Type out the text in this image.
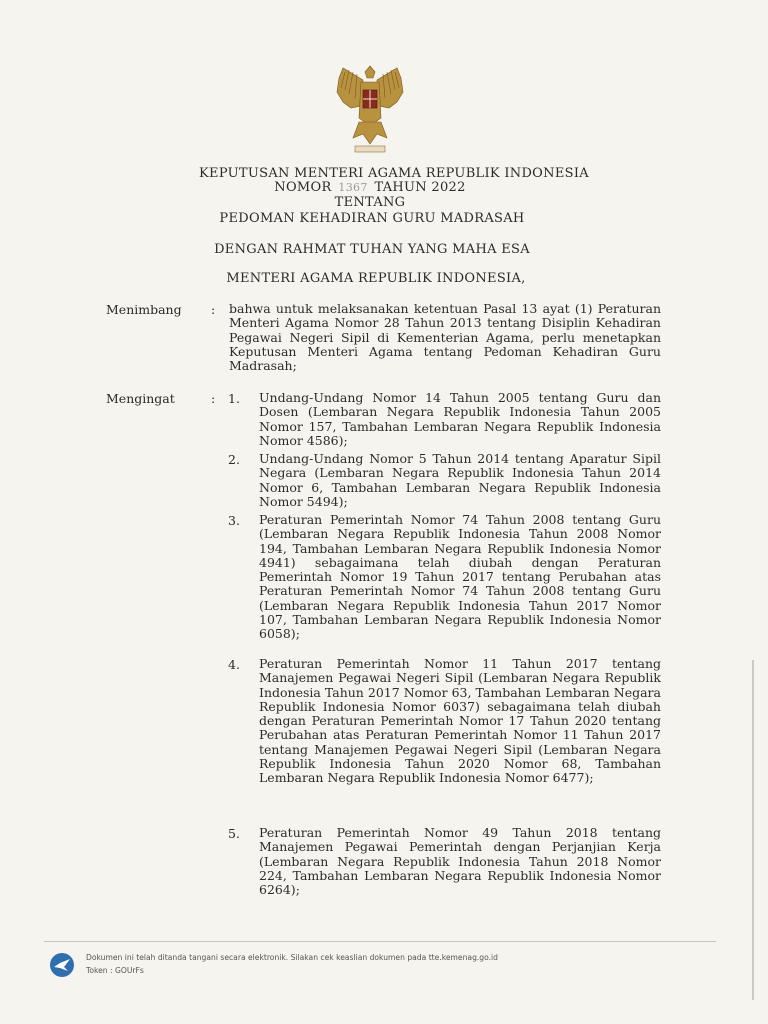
KEPUTUSAN MENTERI AGAMA REPUBLIK INDONESIA
NOMOR 1367 TAHUN 2022
TENTANG
PEDOMAN KEHADIRAN GURU MADRASAH
DENGAN RAHMAT TUHAN YANG MAHA ESA
MENTERI AGAMA REPUBLIK INDONESIA,
Menimbang : bahwa untuk melaksanakan ketentuan Pasal 13 ayat (1) Peraturan Menteri Agama Nomor 28 Tahun 2013 tentang Disiplin Kehadiran Pegawai Negeri Sipil di Kementerian Agama, perlu menetapkan Keputusan Menteri Agama tentang Pedoman Kehadiran Guru Madrasah;
Mengingat	: 1. Undang-Undang Nomor 14 Tahun 2005 tentang Guru dan Dosen (Lembaran Negara Republik Indonesia Tahun 2005 Nomor 157, Tambahan Lembaran Negara Republik Indonesia Nomor 4586);
2. Undang-Undang Nomor 5 Tahun 2014 tentang Aparatur Sipil Negara (Lembaran Negara Republik Indonesia Tahun 2014 Nomor 6, Tambahan Lembaran Negara Republik Indonesia Nomor 5494);
3. Peraturan Pemerintah Nomor 74 Tahun 2008 tentang Guru (Lembaran Negara Republik Indonesia Tahun 2008 Nomor 194, Tambahan Lembaran Negara Republik Indonesia Nomor 4941) sebagaimana telah diubah dengan Peraturan Pemerintah Nomor 19 Tahun 2017 tentang Perubahan atas Peraturan Pemerintah Nomor 74 Tahun 2008 tentang Guru (Lembaran Negara Republik Indonesia Tahun 2017 Nomor 107, Tambahan Lembaran Negara Republik Indonesia Nomor 6058);
4. Peraturan Pemerintah Nomor 11 Tahun 2017 tentang Manajemen Pegawai Negeri Sipil (Lembaran Negara Republik Indonesia Tahun 2017 Nomor 63, Tambahan Lembaran Negara Republik Indonesia Nomor 6037) sebagaimana telah diubah dengan Peraturan Pemerintah Nomor 17 Tahun 2020 tentang Perubahan atas Peraturan Pemerintah Nomor 11 Tahun 2017 tentang Manajemen Pegawai Negeri Sipil (Lembaran Negara Republik Indonesia Tahun 2020 Nomor 68, Tambahan Lembaran Negara Republik Indonesia Nomor 6477);
5. Peraturan Pemerintah Nomor 49 Tahun 2018 tentang Manajemen Pegawai Pemerintah dengan Perjanjian Kerja (Lembaran Negara Republik Indonesia Tahun 2018 Nomor 224, Tambahan Lembaran Negara Republik Indonesia Nomor 6264);
Dokumen ini telah ditanda tangani secara elektronik. Silakan cek keaslian dokumen pada tte.kemenag.go.id
Token : GOUrFs
